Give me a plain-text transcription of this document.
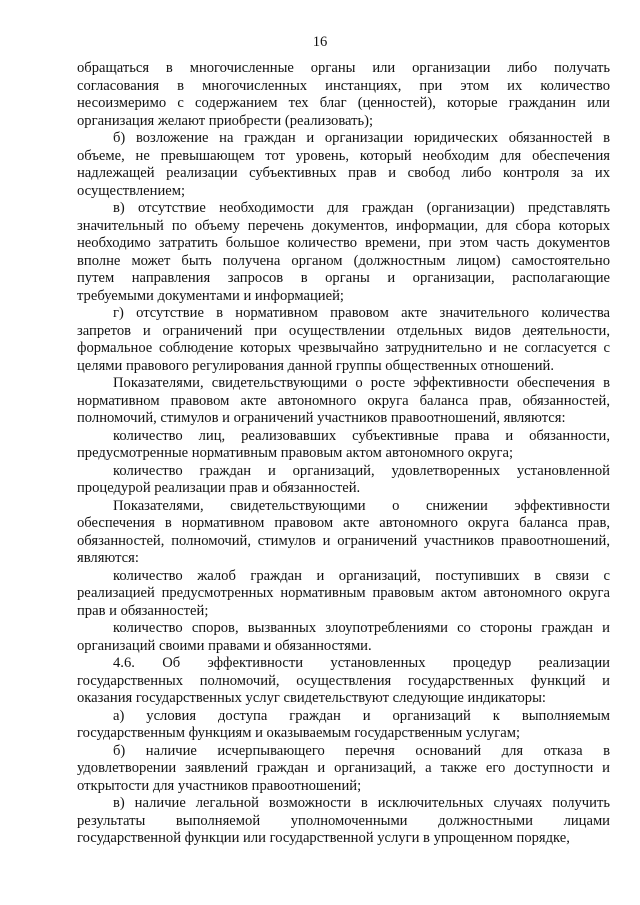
16
обращаться в многочисленные органы или организации либо получать
согласования в многочисленных инстанциях, при этом их количество
несоизмеримо с содержанием тех благ (ценностей), которые гражданин или
организация желают приобрести (реализовать);
б) возложение на граждан и организации юридических обязанностей в
объеме, не превышающем тот уровень, который необходим для обеспечения
надлежащей реализации субъективных прав и свобод либо контроля за их
осуществлением;
в) отсутствие необходимости для граждан (организации) представлять
значительный по объему перечень документов, информации, для сбора которых
необходимо затратить большое количество времени, при этом часть документов
вполне может быть получена органом (должностным лицом) самостоятельно
путем направления запросов в органы и организации, располагающие
требуемыми документами и информацией;
г) отсутствие в нормативном правовом акте значительного количества
запретов и ограничений при осуществлении отдельных видов деятельности,
формальное соблюдение которых чрезвычайно затруднительно и не согласуется с
целями правового регулирования данной группы общественных отношений.
Показателями, свидетельствующими о росте эффективности обеспечения в
нормативном правовом акте автономного округа баланса прав, обязанностей,
полномочий, стимулов и ограничений участников правоотношений, являются:
количество лиц, реализовавших субъективные права и обязанности,
предусмотренные нормативным правовым актом автономного округа;
количество граждан и организаций, удовлетворенных установленной
процедурой реализации прав и обязанностей.
Показателями, свидетельствующими о снижении эффективности
обеспечения в нормативном правовом акте автономного округа баланса прав,
обязанностей, полномочий, стимулов и ограничений участников правоотношений,
являются:
количество жалоб граждан и организаций, поступивших в связи с
реализацией предусмотренных нормативным правовым актом автономного округа
прав и обязанностей;
количество споров, вызванных злоупотреблениями со стороны граждан и
организаций своими правами и обязанностями.
4.6. Об эффективности установленных процедур реализации
государственных полномочий, осуществления государственных функций и
оказания государственных услуг свидетельствуют следующие индикаторы:
а) условия доступа граждан и организаций к выполняемым
государственным функциям и оказываемым государственным услугам;
б) наличие исчерпывающего перечня оснований для отказа в
удовлетворении заявлений граждан и организаций, а также его доступности и
открытости для участников правоотношений;
в) наличие легальной возможности в исключительных случаях получить
результаты выполняемой уполномоченными должностными лицами
государственной функции или государственной услуги в упрощенном порядке,
